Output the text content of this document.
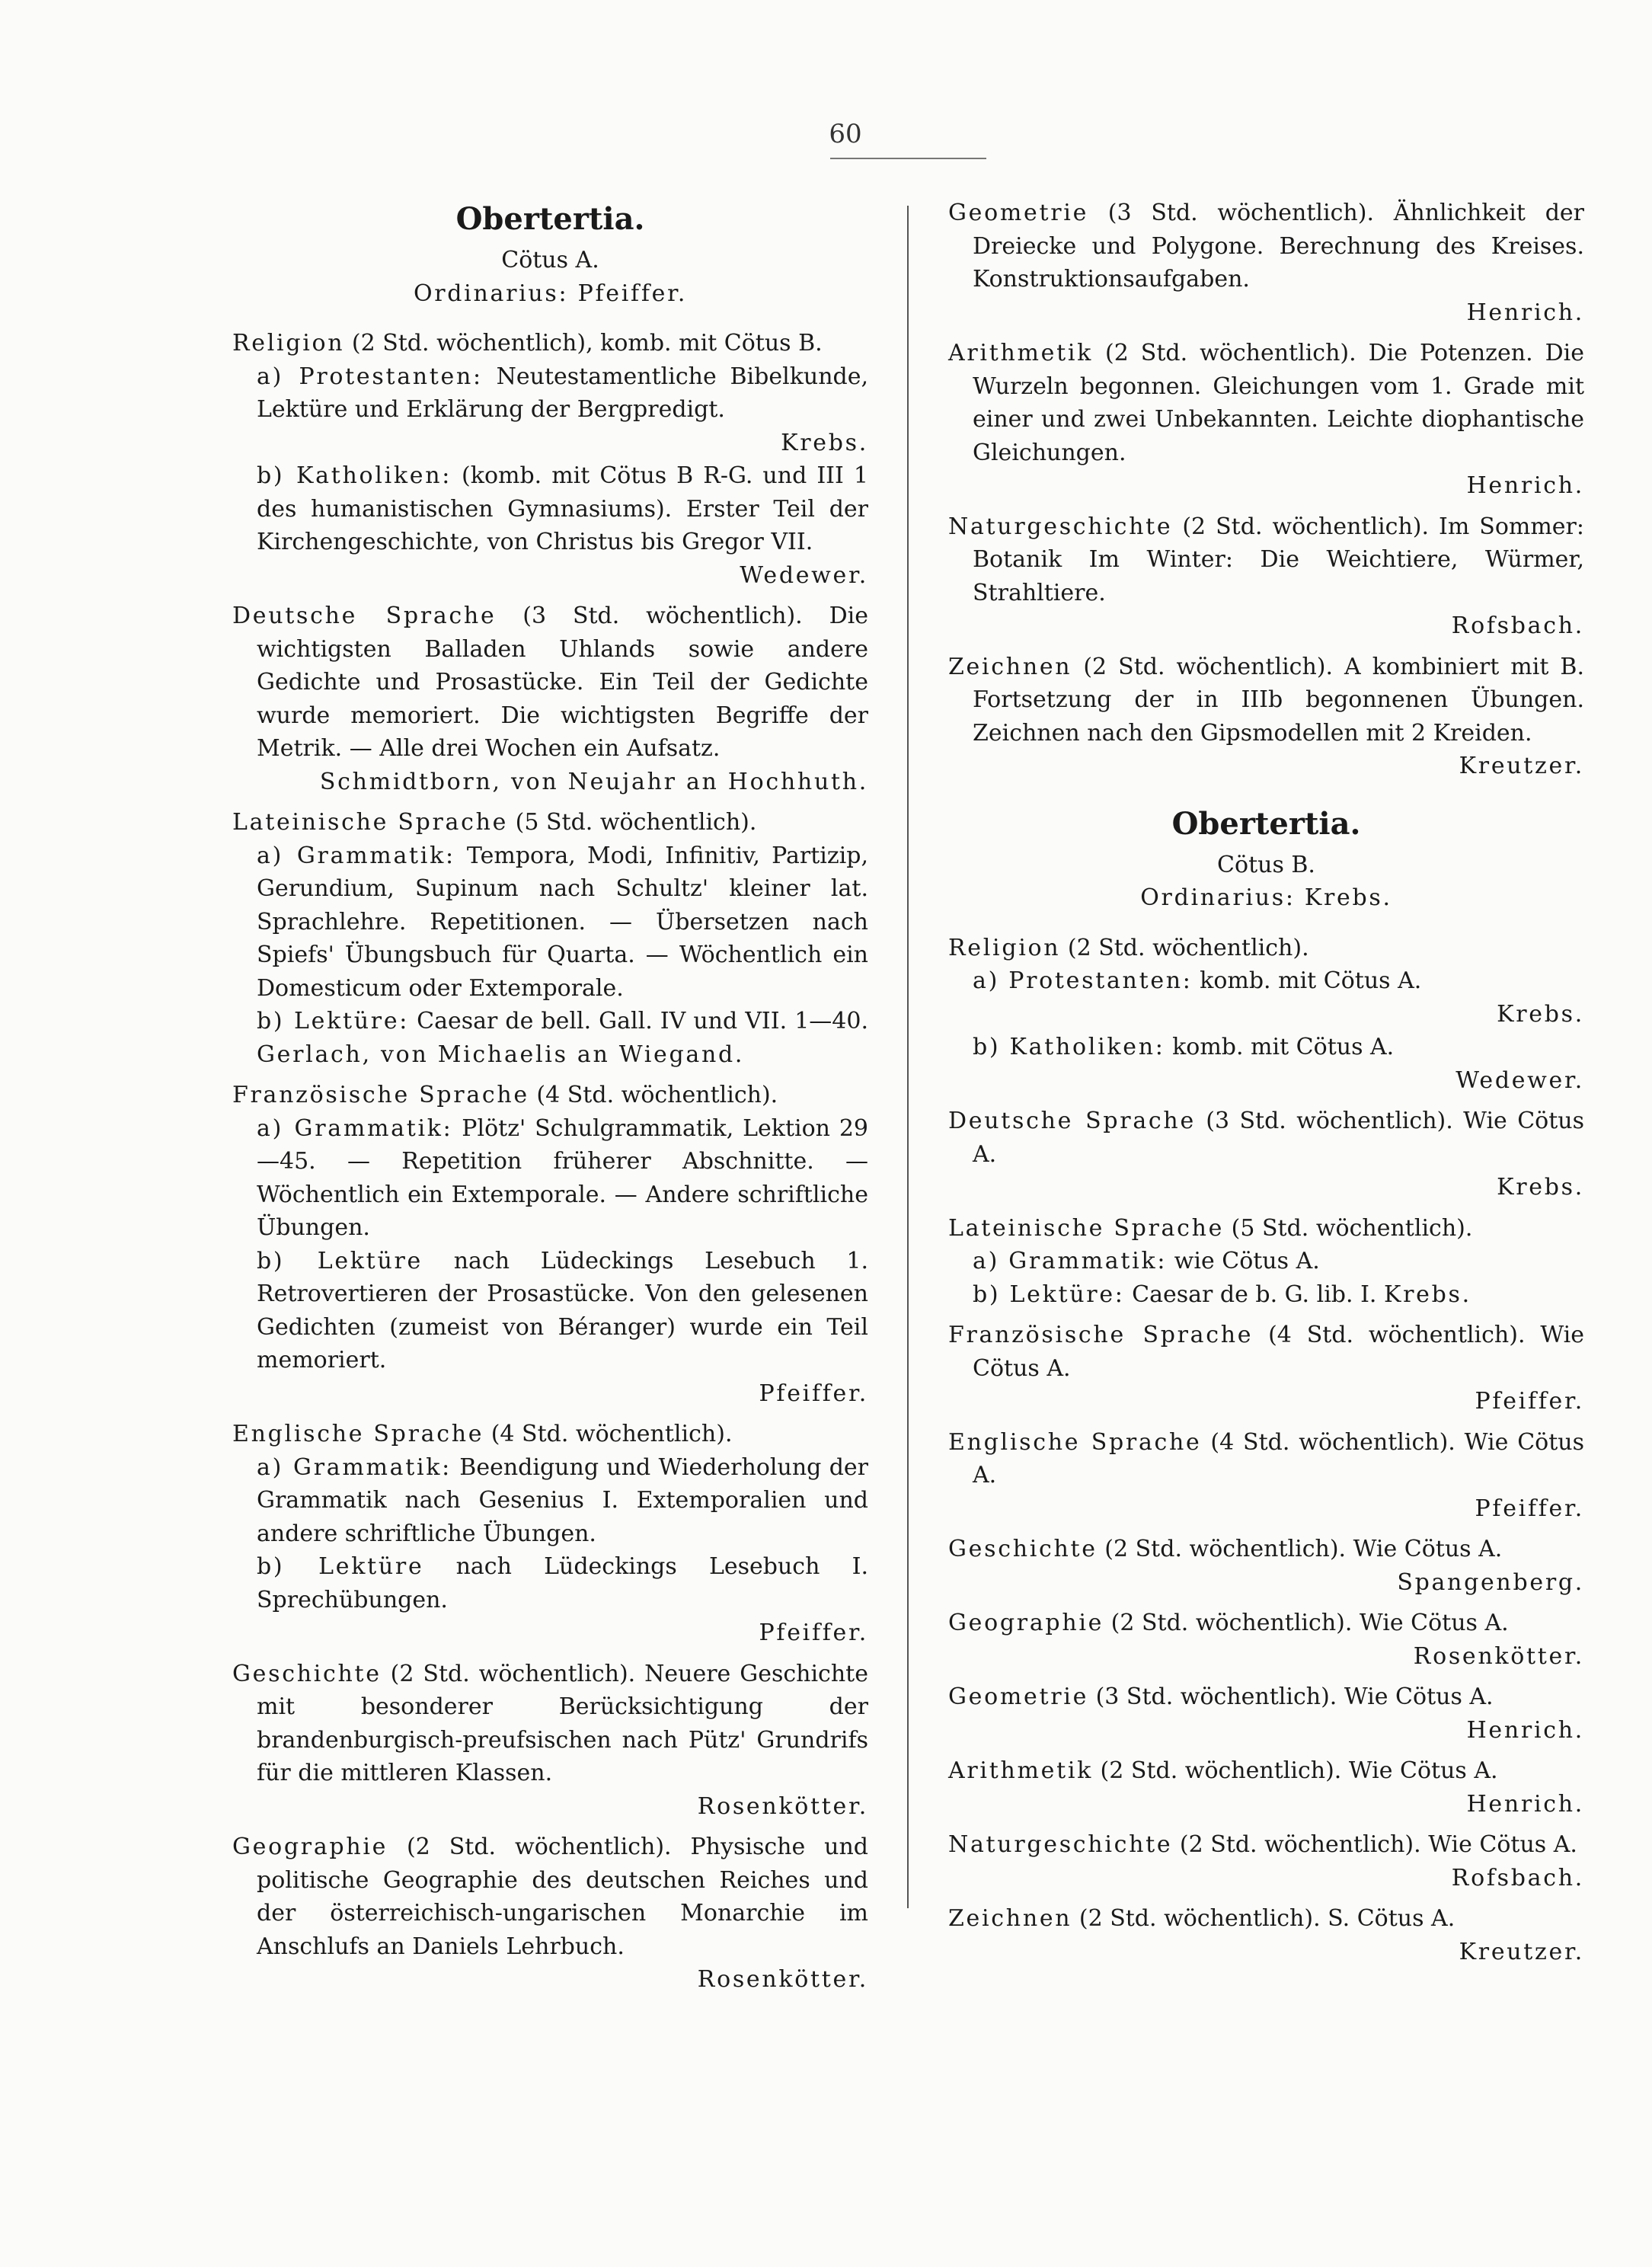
60
Obertertia.
Cötus A.
Ordinarius: Pfeiffer.
Religion (2 Std. wöchentlich), komb. mit Cötus B.
a) Protestanten: Neutestamentliche Bibelkunde, Lektüre und Erklärung der Bergpredigt.
Krebs.
b) Katholiken: (komb. mit Cötus B R-G. und III 1 des humanistischen Gymnasiums). Erster Teil der Kirchengeschichte, von Christus bis Gregor VII.
Wedewer.
Deutsche Sprache (3 Std. wöchentlich). Die wichtigsten Balladen Uhlands sowie andere Gedichte und Prosastücke. Ein Teil der Gedichte wurde memoriert. Die wichtigsten Begriffe der Metrik. — Alle drei Wochen ein Aufsatz.
Schmidtborn, von Neujahr an Hochhuth.
Lateinische Sprache (5 Std. wöchentlich).
a) Grammatik: Tempora, Modi, Infinitiv, Partizip, Gerundium, Supinum nach Schultz' kleiner lat. Sprachlehre. Repetitionen. — Übersetzen nach Spiefs' Übungsbuch für Quarta. — Wöchentlich ein Domesticum oder Extemporale.
b) Lektüre: Caesar de bell. Gall. IV und VII. 1—40. Gerlach, von Michaelis an Wiegand.
Französische Sprache (4 Std. wöchentlich).
a) Grammatik: Plötz' Schulgrammatik, Lektion 29—45. — Repetition früherer Abschnitte. — Wöchentlich ein Extemporale. — Andere schriftliche Übungen.
b) Lektüre nach Lüdeckings Lesebuch 1. Retrovertieren der Prosastücke. Von den gelesenen Gedichten (zumeist von Béranger) wurde ein Teil memoriert.
Pfeiffer.
Englische Sprache (4 Std. wöchentlich).
a) Grammatik: Beendigung und Wiederholung der Grammatik nach Gesenius I. Extemporalien und andere schriftliche Übungen.
b) Lektüre nach Lüdeckings Lesebuch I. Sprechübungen.
Pfeiffer.
Geschichte (2 Std. wöchentlich). Neuere Geschichte mit besonderer Berücksichtigung der brandenburgisch-preufsischen nach Pütz' Grundrifs für die mittleren Klassen.
Rosenkötter.
Geographie (2 Std. wöchentlich). Physische und politische Geographie des deutschen Reiches und der österreichisch-ungarischen Monarchie im Anschlufs an Daniels Lehrbuch.
Rosenkötter.
Geometrie (3 Std. wöchentlich). Ähnlichkeit der Dreiecke und Polygone. Berechnung des Kreises. Konstruktionsaufgaben.
Henrich.
Arithmetik (2 Std. wöchentlich). Die Potenzen. Die Wurzeln begonnen. Gleichungen vom 1. Grade mit einer und zwei Unbekannten. Leichte diophantische Gleichungen.
Henrich.
Naturgeschichte (2 Std. wöchentlich). Im Sommer: Botanik Im Winter: Die Weichtiere, Würmer, Strahltiere.
Rofsbach.
Zeichnen (2 Std. wöchentlich). A kombiniert mit B. Fortsetzung der in IIIb begonnenen Übungen. Zeichnen nach den Gipsmodellen mit 2 Kreiden.
Kreutzer.
Obertertia.
Cötus B.
Ordinarius: Krebs.
Religion (2 Std. wöchentlich).
a) Protestanten: komb. mit Cötus A.
Krebs.
b) Katholiken: komb. mit Cötus A.
Wedewer.
Deutsche Sprache (3 Std. wöchentlich). Wie Cötus A.
Krebs.
Lateinische Sprache (5 Std. wöchentlich).
a) Grammatik: wie Cötus A.
b) Lektüre: Caesar de b. G. lib. I. Krebs.
Französische Sprache (4 Std. wöchentlich). Wie Cötus A.
Pfeiffer.
Englische Sprache (4 Std. wöchentlich). Wie Cötus A.
Pfeiffer.
Geschichte (2 Std. wöchentlich). Wie Cötus A.
Spangenberg.
Geographie (2 Std. wöchentlich). Wie Cötus A.
Rosenkötter.
Geometrie (3 Std. wöchentlich). Wie Cötus A.
Henrich.
Arithmetik (2 Std. wöchentlich). Wie Cötus A.
Henrich.
Naturgeschichte (2 Std. wöchentlich). Wie Cötus A.
Rofsbach.
Zeichnen (2 Std. wöchentlich). S. Cötus A.
Kreutzer.
